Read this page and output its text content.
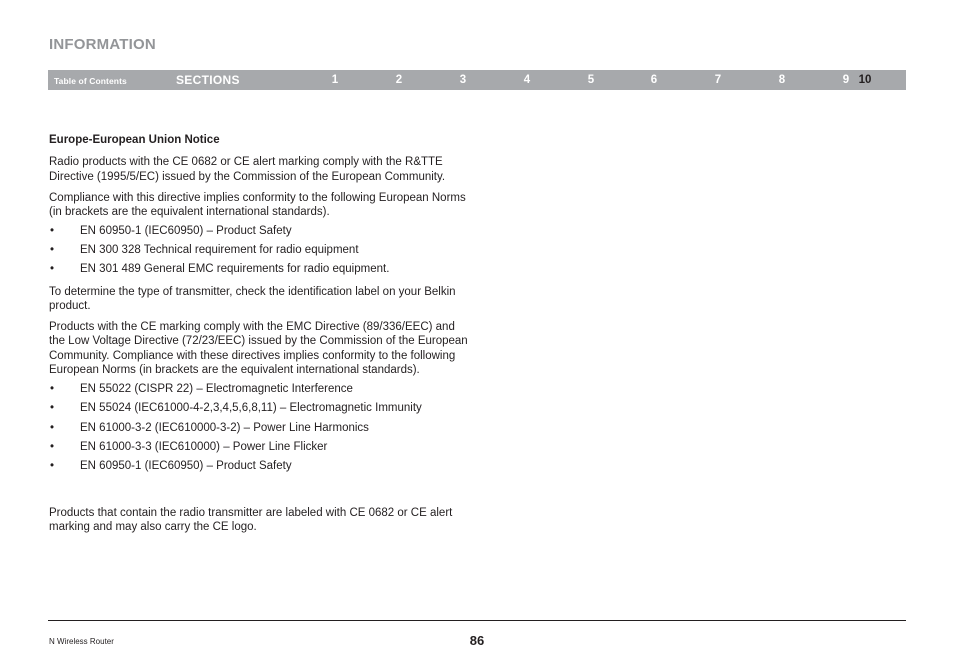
INFORMATION
Table of Contents	SECTIONS	1	2	3	4	5	6	7	8	9 10
Europe-European Union Notice

Radio products with the CE 0682 or CE alert marking comply with the R&TTE Directive (1995/5/EC) issued by the Commission of the European Community.

Compliance with this directive implies conformity to the following European Norms (in brackets are the equivalent international standards).

• EN 60950-1 (IEC60950) – Product Safety
• EN 300 328 Technical requirement for radio equipment
• EN 301 489 General EMC requirements for radio equipment.

To determine the type of transmitter, check the identification label on your Belkin product.

Products with the CE marking comply with the EMC Directive (89/336/EEC) and the Low Voltage Directive (72/23/EEC) issued by the Commission of the European Community. Compliance with these directives implies conformity to the following European Norms (in brackets are the equivalent international standards).

• EN 55022 (CISPR 22) – Electromagnetic Interference
• EN 55024 (IEC61000-4-2,3,4,5,6,8,11) – Electromagnetic Immunity
• EN 61000-3-2 (IEC610000-3-2) – Power Line Harmonics
• EN 61000-3-3 (IEC610000) – Power Line Flicker
• EN 60950-1 (IEC60950) – Product Safety

Products that contain the radio transmitter are labeled with CE 0682 or CE alert marking and may also carry the CE logo.

N Wireless Router	86
